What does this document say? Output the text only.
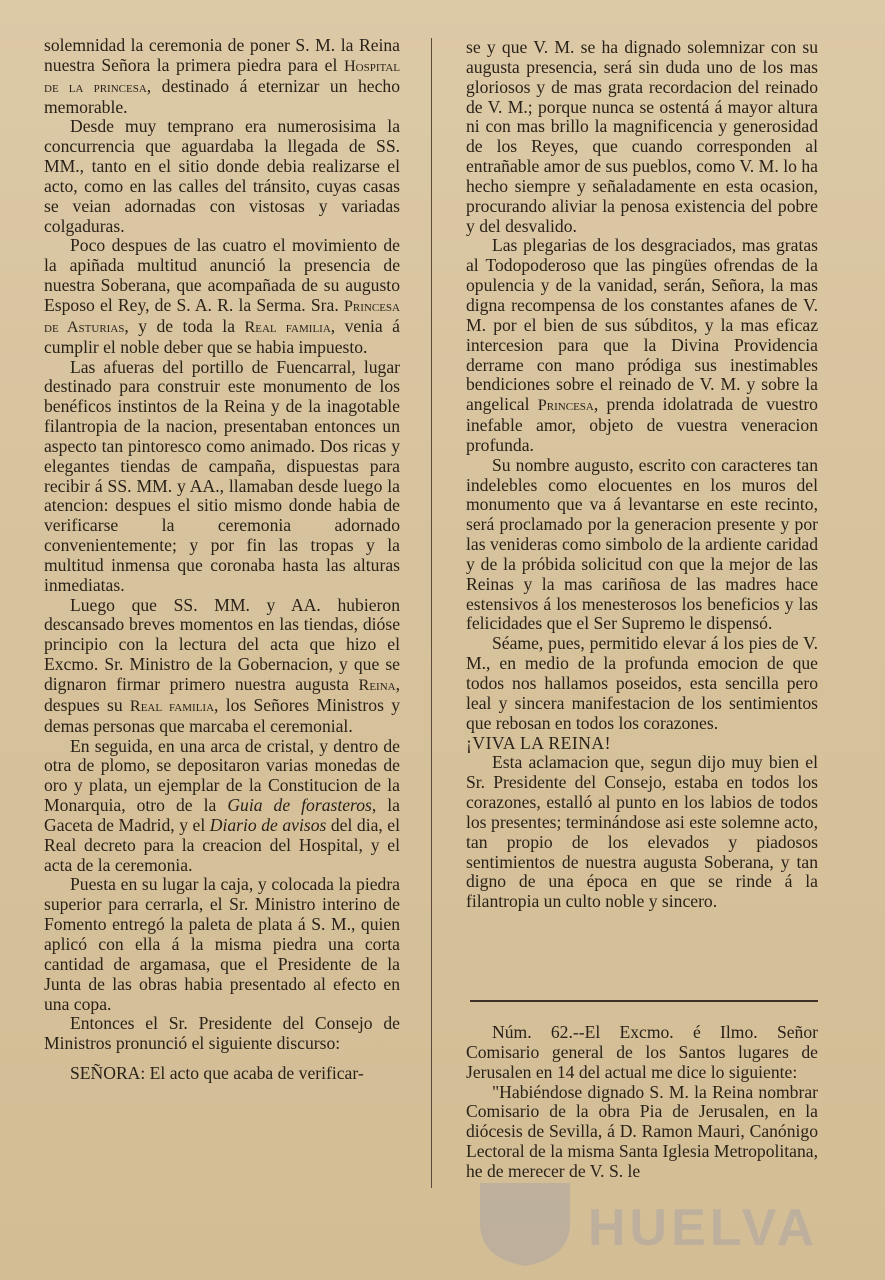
solemnidad la ceremonia de poner S. M. la Reina nuestra Señora la primera piedra para el Hospital de la princesa, destinado á eternizar un hecho memorable.

Desde muy temprano era numerosisima la concurrencia que aguardaba la llegada de SS. MM., tanto en el sitio donde debia realizarse el acto, como en las calles del tránsito, cuyas casas se veian adornadas con vistosas y variadas colgaduras.

Poco despues de las cuatro el movimiento de la apiñada multitud anunció la presencia de nuestra Soberana, que acompañada de su augusto Esposo el Rey, de S. A. R. la Serma. Sra. Princesa de Asturias, y de toda la Real familia, venia á cumplir el noble deber que se habia impuesto.

Las afueras del portillo de Fuencarral, lugar destinado para construir este monumento de los benéficos instintos de la Reina y de la inagotable filantropia de la nacion, presentaban entonces un aspecto tan pintoresco como animado. Dos ricas y elegantes tiendas de campaña, dispuestas para recibir á SS. MM. y AA., llamaban desde luego la atencion: despues el sitio mismo donde habia de verificarse la ceremonia adornado convenientemente; y por fin las tropas y la multitud inmensa que coronaba hasta las alturas inmediatas.

Luego que SS. MM. y AA. hubieron descansado breves momentos en las tiendas, dióse principio con la lectura del acta que hizo el Excmo. Sr. Ministro de la Gobernacion, y que se dignaron firmar primero nuestra augusta Reina, despues su Real familia, los Señores Ministros y demas personas que marcaba el ceremonial.

En seguida, en una arca de cristal, y dentro de otra de plomo, se depositaron varias monedas de oro y plata, un ejemplar de la Constitucion de la Monarquia, otro de la Guia de forasteros, la Gaceta de Madrid, y el Diario de avisos del dia, el Real decreto para la creacion del Hospital, y el acta de la ceremonia.

Puesta en su lugar la caja, y colocada la piedra superior para cerrarla, el Sr. Ministro interino de Fomento entregó la paleta de plata á S. M., quien aplicó con ella á la misma piedra una corta cantidad de argamasa, que el Presidente de la Junta de las obras habia presentado al efecto en una copa.

Entonces el Sr. Presidente del Consejo de Ministros pronunció el siguiente discurso:

SEÑORA: El acto que acaba de verificar-

se y que V. M. se ha dignado solemnizar con su augusta presencia, será sin duda uno de los mas gloriosos y de mas grata recordacion del reinado de V. M.; porque nunca se ostentá á mayor altura ni con mas brillo la magnificencia y generosidad de los Reyes, que cuando corresponden al entrañable amor de sus pueblos, como V. M. lo ha hecho siempre y señaladamente en esta ocasion, procurando aliviar la penosa existencia del pobre y del desvalido.

Las plegarias de los desgraciados, mas gratas al Todopoderoso que las pingües ofrendas de la opulencia y de la vanidad, serán, Señora, la mas digna recompensa de los constantes afanes de V. M. por el bien de sus súbditos, y la mas eficaz intercesion para que la Divina Providencia derrame con mano pródiga sus inestimables bendiciones sobre el reinado de V. M. y sobre la angelical Princesa, prenda idolatrada de vuestro inefable amor, objeto de vuestra veneracion profunda.

Su nombre augusto, escrito con caracteres tan indelebles como elocuentes en los muros del monumento que va á levantarse en este recinto, será proclamado por la generacion presente y por las venideras como simbolo de la ardiente caridad y de la próbida solicitud con que la mejor de las Reinas y la mas cariñosa de las madres hace estensivos á los menesterosos los beneficios y las felicidades que el Ser Supremo le dispensó.

Séame, pues, permitido elevar á los pies de V. M., en medio de la profunda emocion de que todos nos hallamos poseidos, esta sencilla pero leal y sincera manifestacion de los sentimientos que rebosan en todos los corazones.

¡VIVA LA REINA!

Esta aclamacion que, segun dijo muy bien el Sr. Presidente del Consejo, estaba en todos los corazones, estalló al punto en los labios de todos los presentes; terminándose asi este solemne acto, tan propio de los elevados y piadosos sentimientos de nuestra augusta Soberana, y tan digno de una época en que se rinde á la filantropia un culto noble y sincero.

Núm. 62.--El Excmo. é Ilmo. Señor Comisario general de los Santos lugares de Jerusalen en 14 del actual me dice lo siguiente:

"Habiéndose dignado S. M. la Reina nombrar Comisario de la obra Pia de Jerusalen, en la diócesis de Sevilla, á D. Ramon Mauri, Canónigo Lectoral de la misma Santa Iglesia Metropolitana, he de merecer de V. S. le

HUELVA
